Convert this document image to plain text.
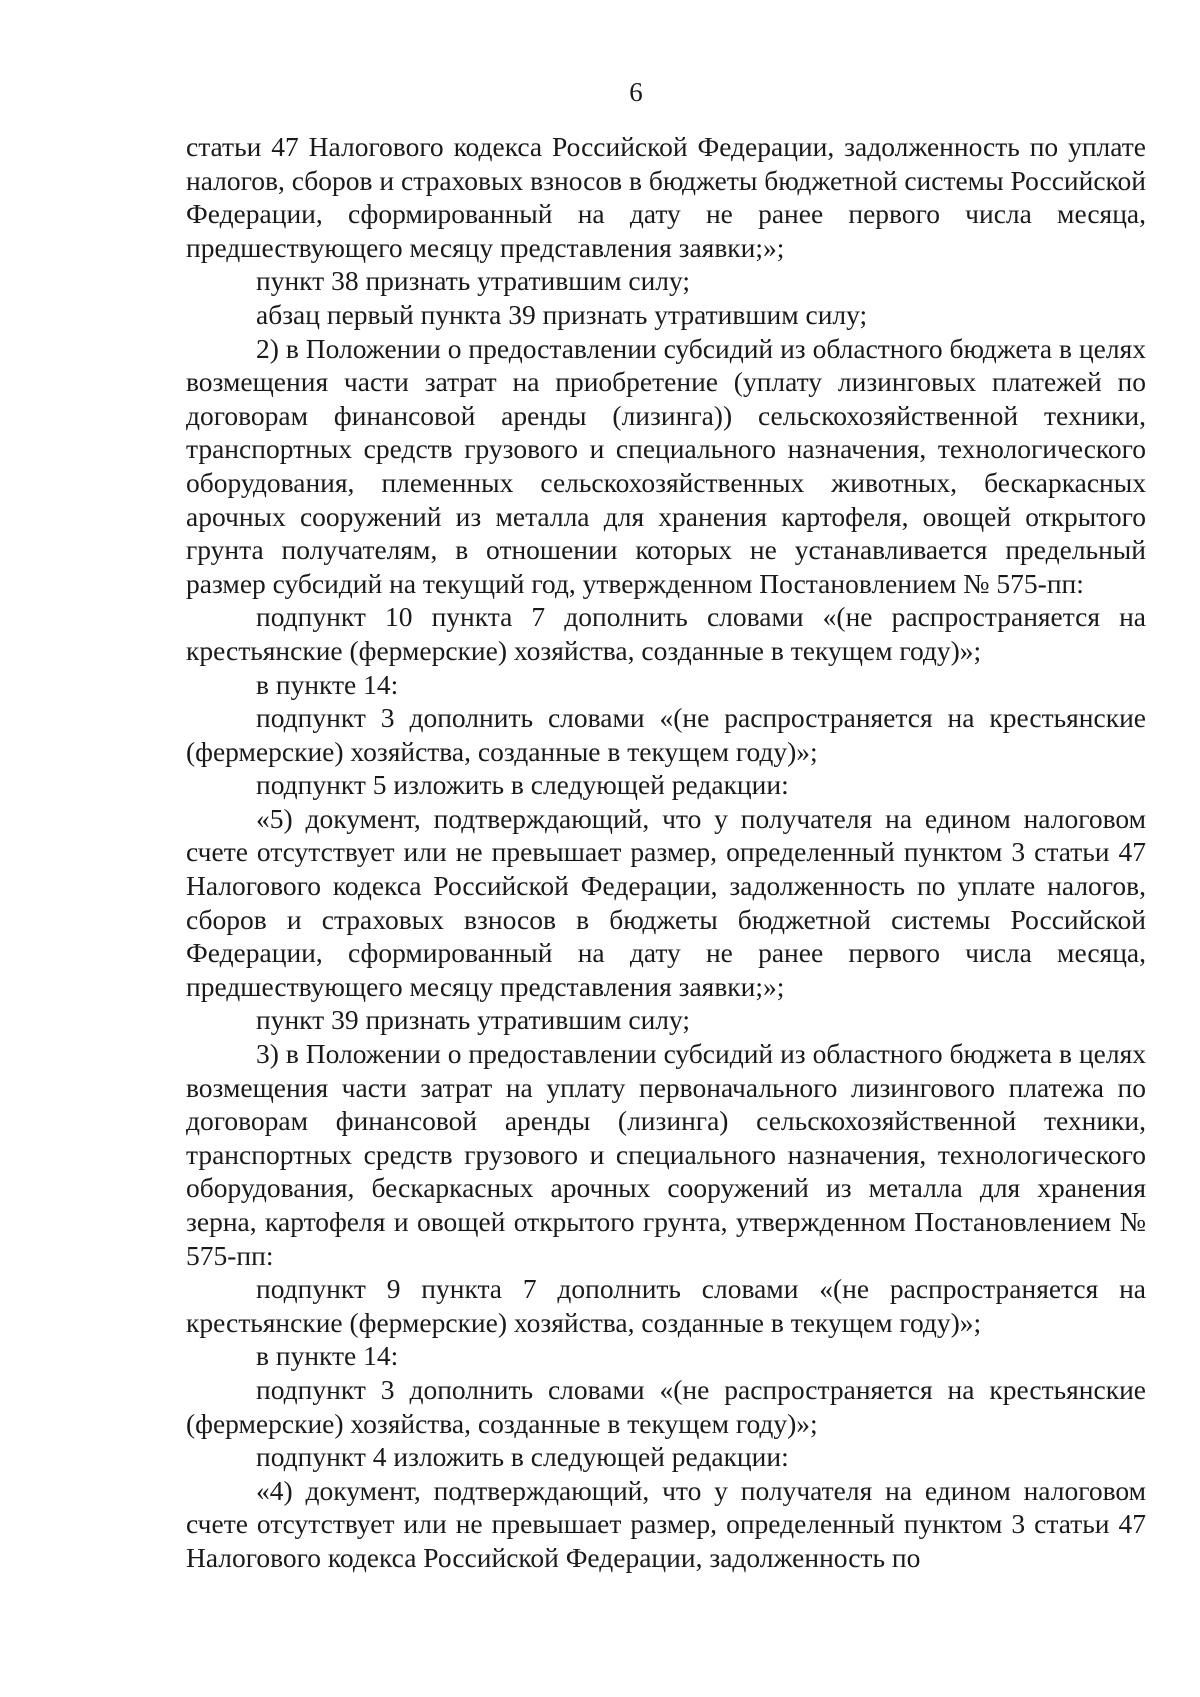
6

статьи 47 Налогового кодекса Российской Федерации, задолженность по уплате налогов, сборов и страховых взносов в бюджеты бюджетной системы Российской Федерации, сформированный на дату не ранее первого числа месяца, предшествующего месяцу представления заявки;»;

пункт 38 признать утратившим силу;

абзац первый пункта 39 признать утратившим силу;

2) в Положении о предоставлении субсидий из областного бюджета в целях возмещения части затрат на приобретение (уплату лизинговых платежей по договорам финансовой аренды (лизинга)) сельскохозяйственной техники, транспортных средств грузового и специального назначения, технологического оборудования, племенных сельскохозяйственных животных, бескаркасных арочных сооружений из металла для хранения картофеля, овощей открытого грунта получателям, в отношении которых не устанавливается предельный размер субсидий на текущий год, утвержденном Постановлением № 575-пп:

подпункт 10 пункта 7 дополнить словами «(не распространяется на крестьянские (фермерские) хозяйства, созданные в текущем году)»;

в пункте 14:

подпункт 3 дополнить словами «(не распространяется на крестьянские (фермерские) хозяйства, созданные в текущем году)»;

подпункт 5 изложить в следующей редакции:

«5) документ, подтверждающий, что у получателя на едином налоговом счете отсутствует или не превышает размер, определенный пунктом 3 статьи 47 Налогового кодекса Российской Федерации, задолженность по уплате налогов, сборов и страховых взносов в бюджеты бюджетной системы Российской Федерации, сформированный на дату не ранее первого числа месяца, предшествующего месяцу представления заявки;»;

пункт 39 признать утратившим силу;

3) в Положении о предоставлении субсидий из областного бюджета в целях возмещения части затрат на уплату первоначального лизингового платежа по договорам финансовой аренды (лизинга) сельскохозяйственной техники, транспортных средств грузового и специального назначения, технологического оборудования, бескаркасных арочных сооружений из металла для хранения зерна, картофеля и овощей открытого грунта, утвержденном Постановлением № 575-пп:

подпункт 9 пункта 7 дополнить словами «(не распространяется на крестьянские (фермерские) хозяйства, созданные в текущем году)»;

в пункте 14:

подпункт 3 дополнить словами «(не распространяется на крестьянские (фермерские) хозяйства, созданные в текущем году)»;

подпункт 4 изложить в следующей редакции:

«4) документ, подтверждающий, что у получателя на едином налоговом счете отсутствует или не превышает размер, определенный пунктом 3 статьи 47 Налогового кодекса Российской Федерации, задолженность по
